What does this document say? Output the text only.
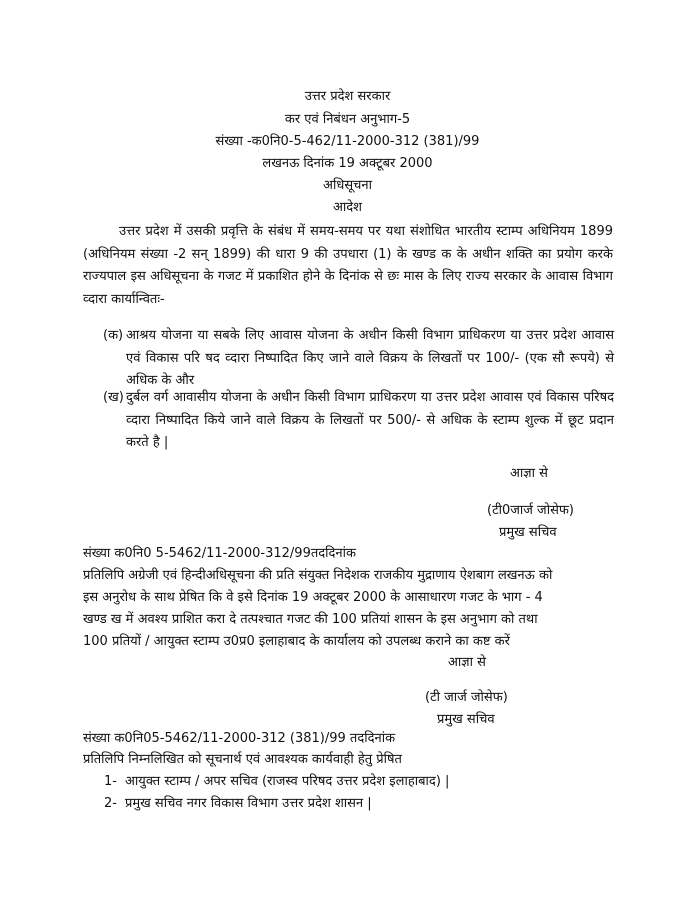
उत्तर प्रदेश सरकार
कर एवं निबंधन अनुभाग-5
संख्या -क0नि0-5-462/11-2000-312 (381)/99
लखनऊ दिनांक 19 अक्टूबर 2000
अधिसूचना
आदेश
उत्तर प्रदेश में उसकी प्रवृत्ति के संबंध में समय-समय पर यथा संशोधित भारतीय स्टाम्प अधिनियम 1899 (अधिनियम संख्या -2 सन् 1899) की धारा 9 की उपधारा (1) के खण्ड क के अधीन शक्ति का प्रयोग करके राज्यपाल इस अधिसूचना के गजट में प्रकाशित होने के दिनांक से छः मास के लिए राज्य सरकार के आवास विभाग व्दारा कार्यान्वितः-
(क) आश्रय योजना या सबके लिए आवास योजना के अधीन किसी विभाग प्राधिकरण या उत्तर प्रदेश आवास एवं विकास परि षद व्दारा निष्पादित किए जाने वाले विक्रय के लिखतों पर 100/- (एक सौ रूपये) से अधिक के और
(ख) दुर्बल वर्ग आवासीय योजना के अधीन किसी विभाग प्राधिकरण या उत्तर प्रदेश आवास एवं विकास परिषद व्दारा निष्पादित किये जाने वाले विक्रय के लिखतों पर 500/- से अधिक के स्टाम्प शुल्क में छूट प्रदान करते है |
आज्ञा से
(टी0जार्ज जोसेफ)
प्रमुख सचिव
संख्या क0नि0 5-5462/11-2000-312/99तददिनांक
प्रतिलिपि अग्रेजी एवं हिन्दीअधिसूचना की प्रति संयुक्त निदेशक राजकीय मुद्राणाय ऐशबाग लखनऊ को
इस अनुरोध के साथ प्रेषित कि वे इसे दिनांक 19 अक्टूबर 2000 के आसाधारण गजट के भाग - 4
खण्ड ख में अवश्य प्राशित करा दे तत्पश्चात गजट की 100 प्रतियां शासन के इस अनुभाग को तथा
100 प्रतियों / आयुक्त स्टाम्प उ0प्र0 इलाहाबाद के कार्यालय को उपलब्ध कराने का कष्ट करें
आज्ञा से
(टी जार्ज जोसेफ)
प्रमुख सचिव
संख्या क0नि05-5462/11-2000-312 (381)/99 तददिनांक
प्रतिलिपि निम्नलिखित को सूचनार्थ एवं आवश्यक कार्यवाही हेतु प्रेषित
1- आयुक्त स्टाम्प / अपर सचिव (राजस्व परिषद उत्तर प्रदेश इलाहाबाद) |
2- प्रमुख सचिव नगर विकास विभाग उत्तर प्रदेश शासन |
